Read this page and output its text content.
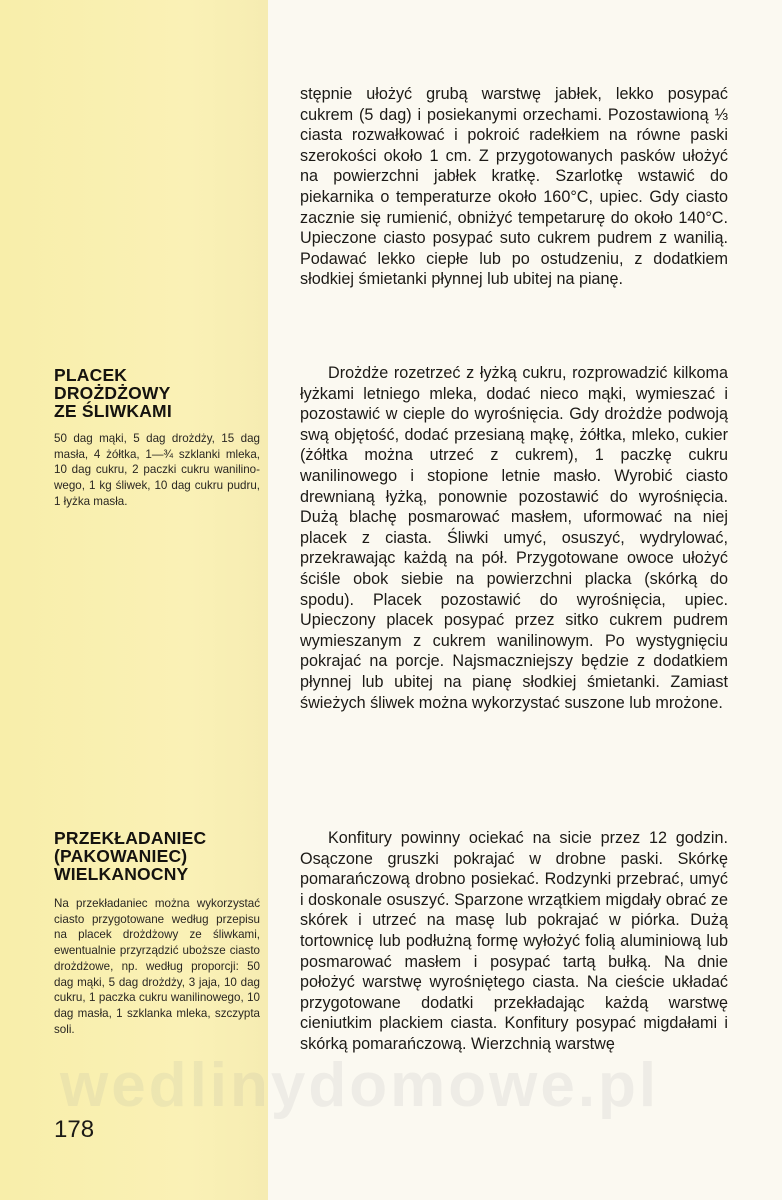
wedlinydomowe.pl

stępnie ułożyć grubą warstwę jabłek, lekko posypać cukrem (5 dag) i posiekanymi orzechami. Pozostawioną ⅓ ciasta rozwałkować i pokroić radełkiem na równe paski szerokości około 1 cm. Z przygotowanych pasków ułożyć na powierzchni jabłek kratkę. Szarlotkę wstawić do piekarnika o temperaturze około 160°C, upiec. Gdy ciasto zacznie się rumienić, obniżyć tempetarurę do około 140°C. Upieczone ciasto posypać suto cukrem pudrem z wanilią. Podawać lekko ciepłe lub po ostudzeniu, z dodatkiem słodkiej śmietanki płynnej lub ubitej na pianę.

PLACEK
DROŻDŻOWY
ZE ŚLIWKAMI

50 dag mąki, 5 dag drożdży, 15 dag masła, 4 żółtka, 1—¾ szklanki mleka, 10 dag cukru, 2 paczki cukru wanilinowego, 1 kg śliwek, 10 dag cukru pudru, 1 łyżka masła.

Drożdże rozetrzeć z łyżką cukru, rozprowadzić kilkoma łyżkami letniego mleka, dodać nieco mąki, wymieszać i pozostawić w cieple do wyrośnięcia. Gdy drożdże podwoją swą objętość, dodać przesianą mąkę, żółtka, mleko, cukier (żółtka można utrzeć z cukrem), 1 paczkę cukru wanilinowego i stopione letnie masło. Wyrobić ciasto drewnianą łyżką, ponownie pozostawić do wyrośnięcia. Dużą blachę posmarować masłem, uformować na niej placek z ciasta. Śliwki umyć, osuszyć, wydrylować, przekrawając każdą na pół. Przygotowane owoce ułożyć ściśle obok siebie na powierzchni placka (skórką do spodu). Placek pozostawić do wyrośnięcia, upiec. Upieczony placek posypać przez sitko cukrem pudrem wymieszanym z cukrem wanilinowym. Po wystygnięciu pokrajać na porcje. Najsmaczniejszy będzie z dodatkiem płynnej lub ubitej na pianę słodkiej śmietanki. Zamiast świeżych śliwek można wykorzystać suszone lub mrożone.

PRZEKŁADANIEC
(PAKOWANIEC)
WIELKANOCNY

Na przekładaniec można wykorzystać ciasto przygotowane według przepisu na placek drożdżowy ze śliwkami, ewentualnie przyrządzić uboższe ciasto drożdżowe, np. według proporcji: 50 dag mąki, 5 dag drożdży, 3 jaja, 10 dag cukru, 1 paczka cukru wanilinowego, 10 dag masła, 1 szklanka mleka, szczypta soli.

Konfitury powinny ociekać na sicie przez 12 godzin. Osączone gruszki pokrajać w drobne paski. Skórkę pomarańczową drobno posiekać. Rodzynki przebrać, umyć i doskonale osuszyć. Sparzone wrzątkiem migdały obrać ze skórek i utrzeć na masę lub pokrajać w piórka. Dużą tortownicę lub podłużną formę wyłożyć folią aluminiową lub posmarować masłem i posypać tartą bułką. Na dnie położyć warstwę wyrośniętego ciasta. Na cieście układać przygotowane dodatki przekładając każdą warstwę cieniutkim plackiem ciasta. Konfitury posypać migdałami i skórką pomarańczową. Wierzchnią warstwę

178
